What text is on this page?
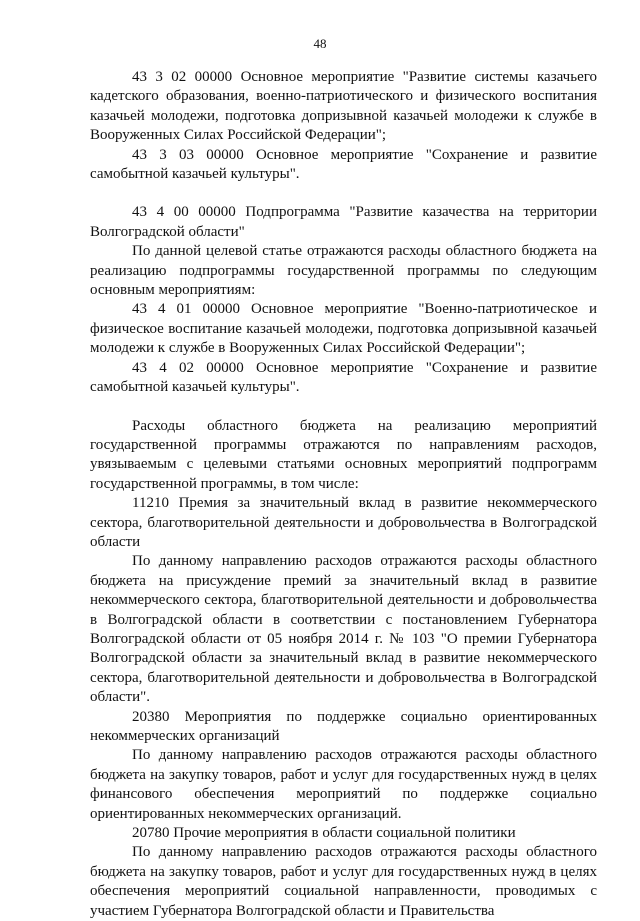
48

43 3 02 00000 Основное мероприятие "Развитие системы казачьего кадетского образования, военно-патриотического и физического воспитания казачьей молодежи, подготовка допризывной казачьей молодежи к службе в Вооруженных Силах Российской Федерации";

43 3 03 00000 Основное мероприятие "Сохранение и развитие самобытной казачьей культуры".

43 4 00 00000 Подпрограмма "Развитие казачества на территории Волгоградской области"

По данной целевой статье отражаются расходы областного бюджета на реализацию подпрограммы государственной программы по следующим основным мероприятиям:

43 4 01 00000 Основное мероприятие "Военно-патриотическое и физическое воспитание казачьей молодежи, подготовка допризывной казачьей молодежи к службе в Вооруженных Силах Российской Федерации";

43 4 02 00000 Основное мероприятие "Сохранение и развитие самобытной казачьей культуры".

Расходы областного бюджета на реализацию мероприятий государственной программы отражаются по направлениям расходов, увязываемым с целевыми статьями основных мероприятий подпрограмм государственной программы, в том числе:

11210 Премия за значительный вклад в развитие некоммерческого сектора, благотворительной деятельности и добровольчества в Волгоградской области

По данному направлению расходов отражаются расходы областного бюджета на присуждение премий за значительный вклад в развитие некоммерческого сектора, благотворительной деятельности и добровольчества в Волгоградской области в соответствии с постановлением Губернатора Волгоградской области от 05 ноября 2014 г. № 103 "О премии Губернатора Волгоградской области за значительный вклад в развитие некоммерческого сектора, благотворительной деятельности и добровольчества в Волгоградской области".

20380 Мероприятия по поддержке социально ориентированных некоммерческих организаций

По данному направлению расходов отражаются расходы областного бюджета на закупку товаров, работ и услуг для государственных нужд в целях финансового обеспечения мероприятий по поддержке социально ориентированных некоммерческих организаций.

20780 Прочие мероприятия в области социальной политики

По данному направлению расходов отражаются расходы областного бюджета на закупку товаров, работ и услуг для государственных нужд в целях обеспечения мероприятий социальной направленности, проводимых с участием Губернатора Волгоградской области и Правительства
